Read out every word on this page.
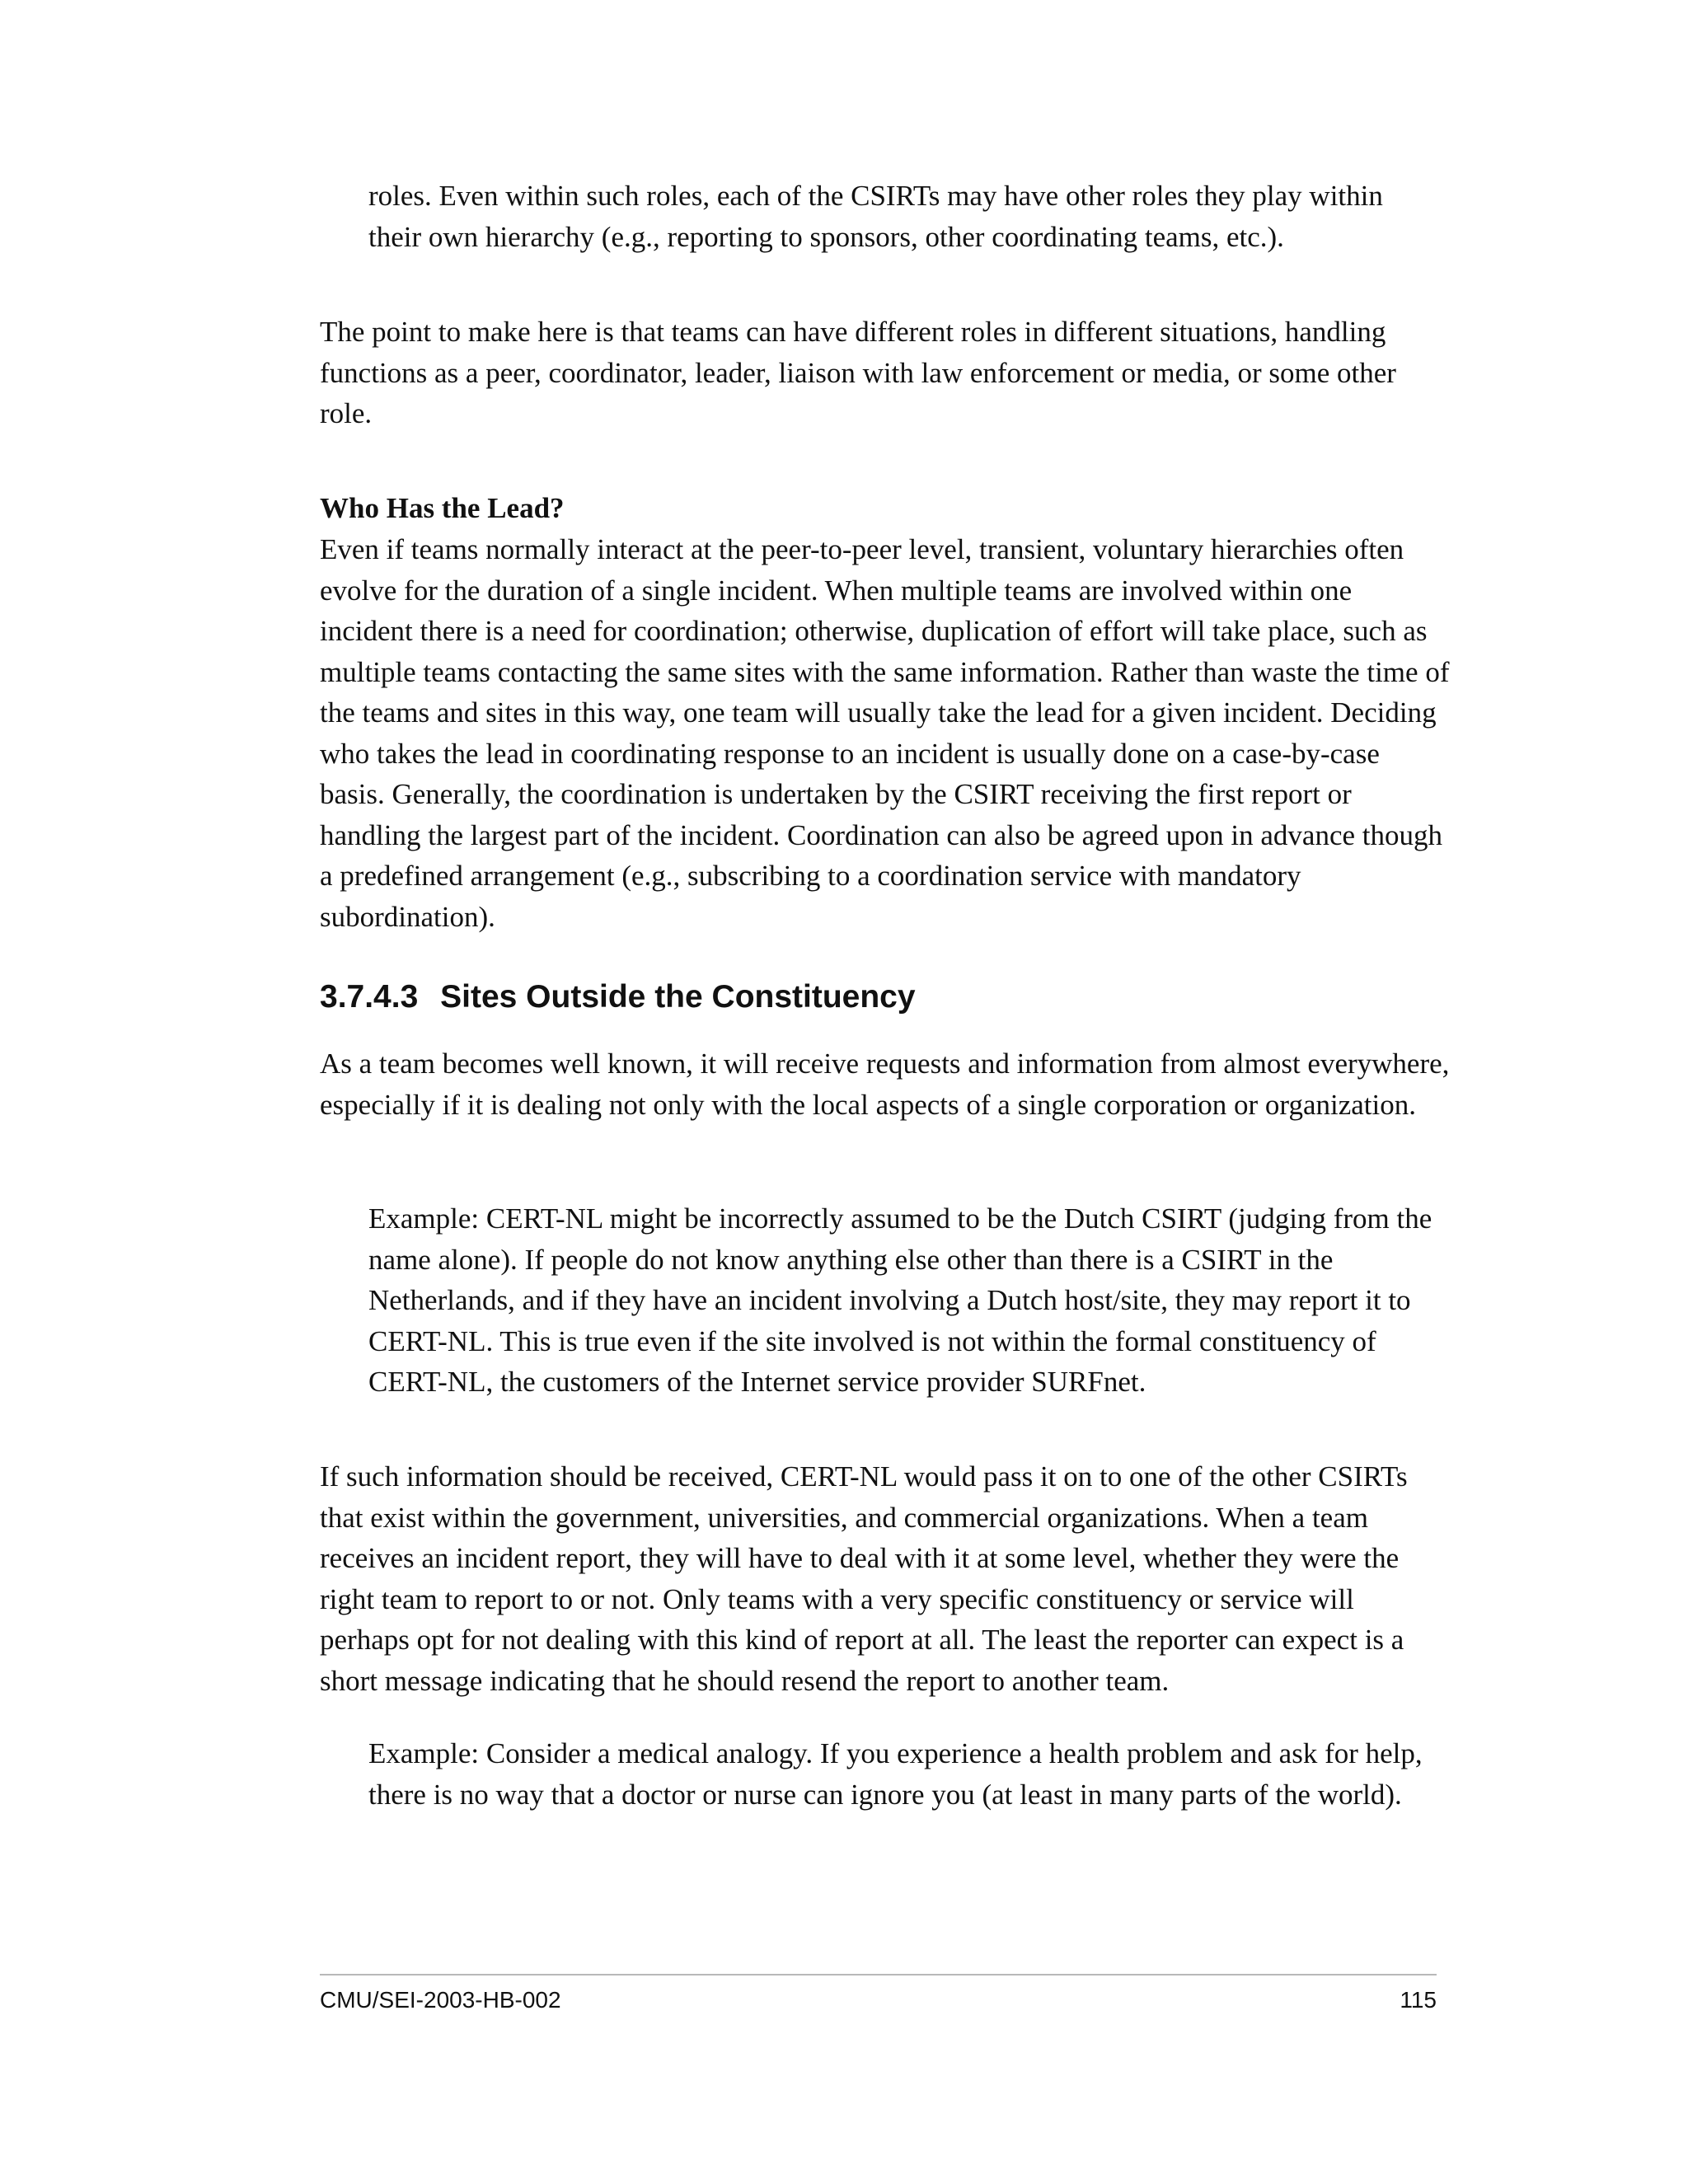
roles. Even within such roles, each of the CSIRTs may have other roles they play within their own hierarchy (e.g., reporting to sponsors, other coordinating teams, etc.).

The point to make here is that teams can have different roles in different situations, handling functions as a peer, coordinator, leader, liaison with law enforcement or media, or some other role.

Who Has the Lead?

Even if teams normally interact at the peer-to-peer level, transient, voluntary hierarchies often evolve for the duration of a single incident. When multiple teams are involved within one incident there is a need for coordination; otherwise, duplication of effort will take place, such as multiple teams contacting the same sites with the same information. Rather than waste the time of the teams and sites in this way, one team will usually take the lead for a given incident. Deciding who takes the lead in coordinating response to an incident is usually done on a case-by-case basis. Generally, the coordination is undertaken by the CSIRT receiving the first report or handling the largest part of the incident. Coordination can also be agreed upon in advance though a predefined arrangement (e.g., subscribing to a coordination service with mandatory subordination).

3.7.4.3 Sites Outside the Constituency

As a team becomes well known, it will receive requests and information from almost everywhere, especially if it is dealing not only with the local aspects of a single corporation or organization.

Example: CERT-NL might be incorrectly assumed to be the Dutch CSIRT (judging from the name alone). If people do not know anything else other than there is a CSIRT in the Netherlands, and if they have an incident involving a Dutch host/site, they may report it to CERT-NL. This is true even if the site involved is not within the formal constituency of CERT-NL, the customers of the Internet service provider SURFnet.

If such information should be received, CERT-NL would pass it on to one of the other CSIRTs that exist within the government, universities, and commercial organizations. When a team receives an incident report, they will have to deal with it at some level, whether they were the right team to report to or not. Only teams with a very specific constituency or service will perhaps opt for not dealing with this kind of report at all. The least the reporter can expect is a short message indicating that he should resend the report to another team.

Example: Consider a medical analogy. If you experience a health problem and ask for help, there is no way that a doctor or nurse can ignore you (at least in many parts of the world).

CMU/SEI-2003-HB-002	115
